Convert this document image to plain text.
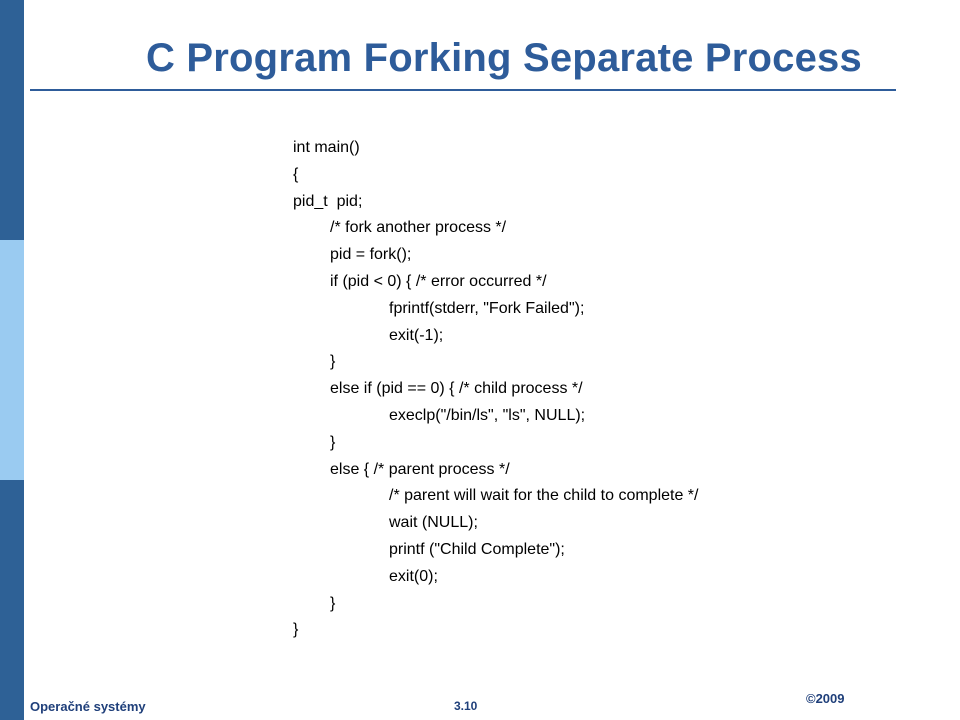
C Program Forking Separate Process
int main()
{
pid_t  pid;
/* fork another process */
pid = fork();
if (pid < 0) { /* error occurred */
fprintf(stderr, "Fork Failed");
exit(-1);
}
else if (pid == 0) { /* child process */
execlp("/bin/ls", "ls", NULL);
}
else { /* parent process */
/* parent will wait for the child to complete */
wait (NULL);
printf ("Child Complete");
exit(0);
}
}
Operačné systémy	3.10	©2009
